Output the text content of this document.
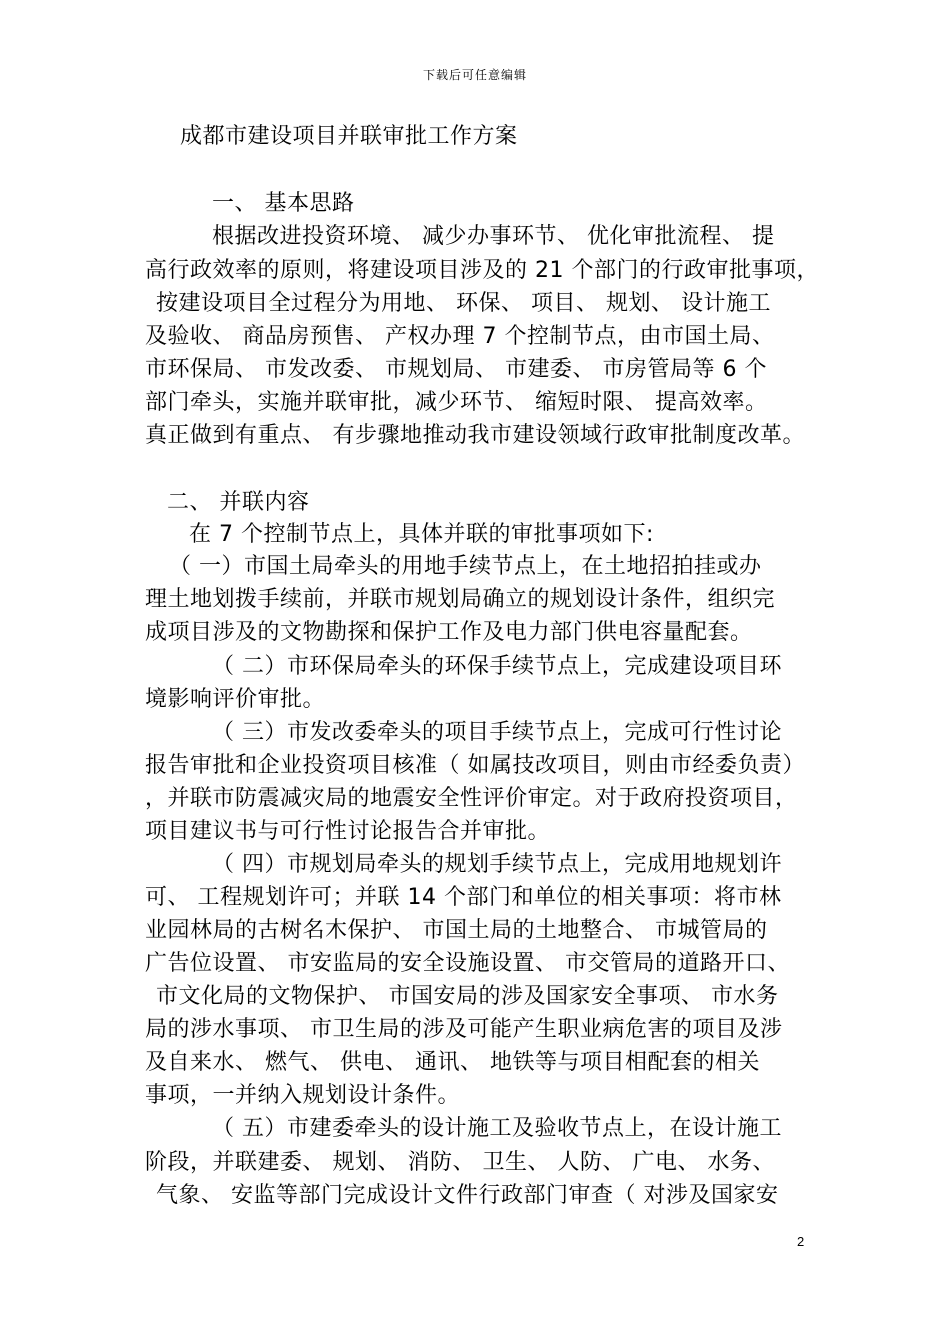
下载后可任意编辑
成都市建设项目并联审批工作方案
一、 基本思路
根据改进投资环境、 减少办事环节、 优化审批流程、 提
高行政效率的原则，将建设项目涉及的 21 个部门的行政审批事项，
按建设项目全过程分为用地、 环保、 项目、 规划、 设计施工
及验收、 商品房预售、 产权办理 7 个控制节点，由市国土局、
市环保局、 市发改委、 市规划局、 市建委、 市房管局等 6 个
部门牵头，实施并联审批，减少环节、 缩短时限、 提高效率。
真正做到有重点、 有步骤地推动我市建设领域行政审批制度改革。
二、 并联内容
在 7 个控制节点上，具体并联的审批事项如下:
（ 一）市国土局牵头的用地手续节点上，在土地招拍挂或办
理土地划拨手续前，并联市规划局确立的规划设计条件，组织完
成项目涉及的文物勘探和保护工作及电力部门供电容量配套。
（ 二）市环保局牵头的环保手续节点上，完成建设项目环
境影响评价审批。
（ 三）市发改委牵头的项目手续节点上，完成可行性讨论
报告审批和企业投资项目核准（ 如属技改项目，则由市经委负责）
，并联市防震减灾局的地震安全性评价审定。对于政府投资项目，
项目建议书与可行性讨论报告合并审批。
（ 四）市规划局牵头的规划手续节点上，完成用地规划许
可、 工程规划许可；并联 14 个部门和单位的相关事项：将市林
业园林局的古树名木保护、 市国土局的土地整合、 市城管局的
广告位设置、 市安监局的安全设施设置、 市交管局的道路开口、
市文化局的文物保护、 市国安局的涉及国家安全事项、 市水务
局的涉水事项、 市卫生局的涉及可能产生职业病危害的项目及涉
及自来水、 燃气、 供电、 通讯、 地铁等与项目相配套的相关
事项，一并纳入规划设计条件。
（ 五）市建委牵头的设计施工及验收节点上，在设计施工
阶段，并联建委、 规划、 消防、 卫生、 人防、 广电、 水务、
气象、 安监等部门完成设计文件行政部门审查（ 对涉及国家安
2
